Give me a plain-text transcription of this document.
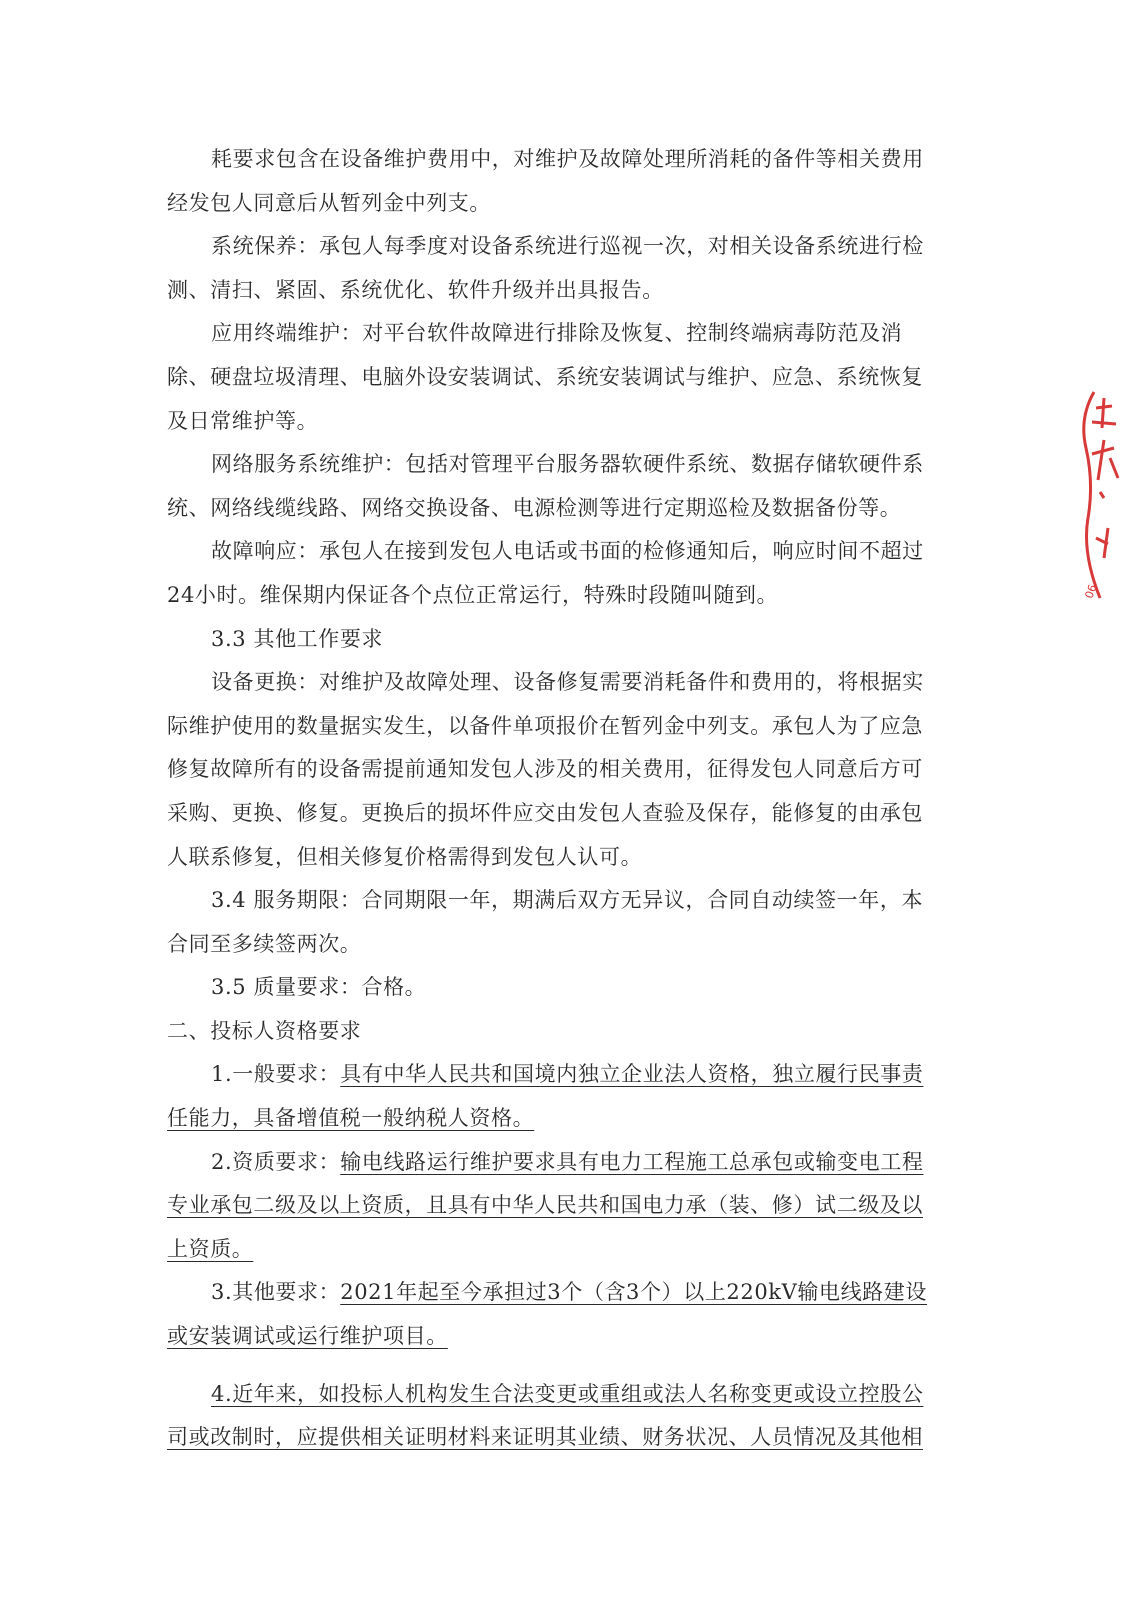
耗要求包含在设备维护费用中，对维护及故障处理所消耗的备件等相关费用经发包人同意后从暂列金中列支。

系统保养：承包人每季度对设备系统进行巡视一次，对相关设备系统进行检测、清扫、紧固、系统优化、软件升级并出具报告。

应用终端维护：对平台软件故障进行排除及恢复、控制终端病毒防范及消除、硬盘垃圾清理、电脑外设安装调试、系统安装调试与维护、应急、系统恢复及日常维护等。

网络服务系统维护：包括对管理平台服务器软硬件系统、数据存储软硬件系统、网络线缆线路、网络交换设备、电源检测等进行定期巡检及数据备份等。

故障响应：承包人在接到发包人电话或书面的检修通知后，响应时间不超过24小时。维保期内保证各个点位正常运行，特殊时段随叫随到。

3.3 其他工作要求

设备更换：对维护及故障处理、设备修复需要消耗备件和费用的，将根据实际维护使用的数量据实发生，以备件单项报价在暂列金中列支。承包人为了应急修复故障所有的设备需提前通知发包人涉及的相关费用，征得发包人同意后方可采购、更换、修复。更换后的损坏件应交由发包人查验及保存，能修复的由承包人联系修复，但相关修复价格需得到发包人认可。

3.4 服务期限：合同期限一年，期满后双方无异议，合同自动续签一年，本合同至多续签两次。

3.5 质量要求：合格。

二、投标人资格要求

1.一般要求：具有中华人民共和国境内独立企业法人资格，独立履行民事责任能力，具备增值税一般纳税人资格。

2.资质要求：输电线路运行维护要求具有电力工程施工总承包或输变电工程专业承包二级及以上资质，且具有中华人民共和国电力承（装、修）试二级及以上资质。

3.其他要求：2021年起至今承担过3个（含3个）以上220kV输电线路建设或安装调试或运行维护项目。

4.近年来，如投标人机构发生合法变更或重组或法人名称变更或设立控股公司或改制时，应提供相关证明材料来证明其业绩、财务状况、人员情况及其他相

06
